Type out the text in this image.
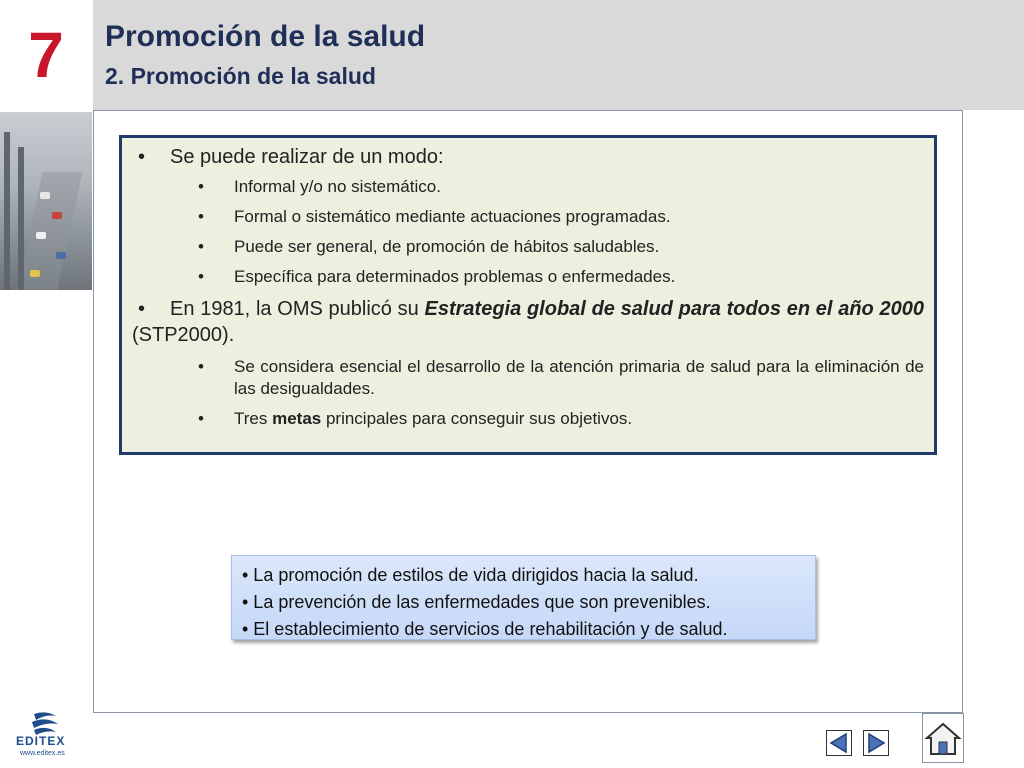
7 Promoción de la salud
2. Promoción de la salud
• Se puede realizar de un modo:
• Informal y/o no sistemático.
• Formal o sistemático mediante actuaciones programadas.
• Puede ser general, de promoción de hábitos saludables.
• Específica para determinados problemas o enfermedades.
• En 1981, la OMS publicó su Estrategia global de salud para todos en el año 2000 (STP2000).
• Se considera esencial el desarrollo de la atención primaria de salud para la eliminación de las desigualdades.
• Tres metas principales para conseguir sus objetivos.
• La promoción de estilos de vida dirigidos hacia la salud.
• La prevención de las enfermedades que son prevenibles.
• El establecimiento de servicios de rehabilitación y de salud.
EDITEX
www.editex.es
